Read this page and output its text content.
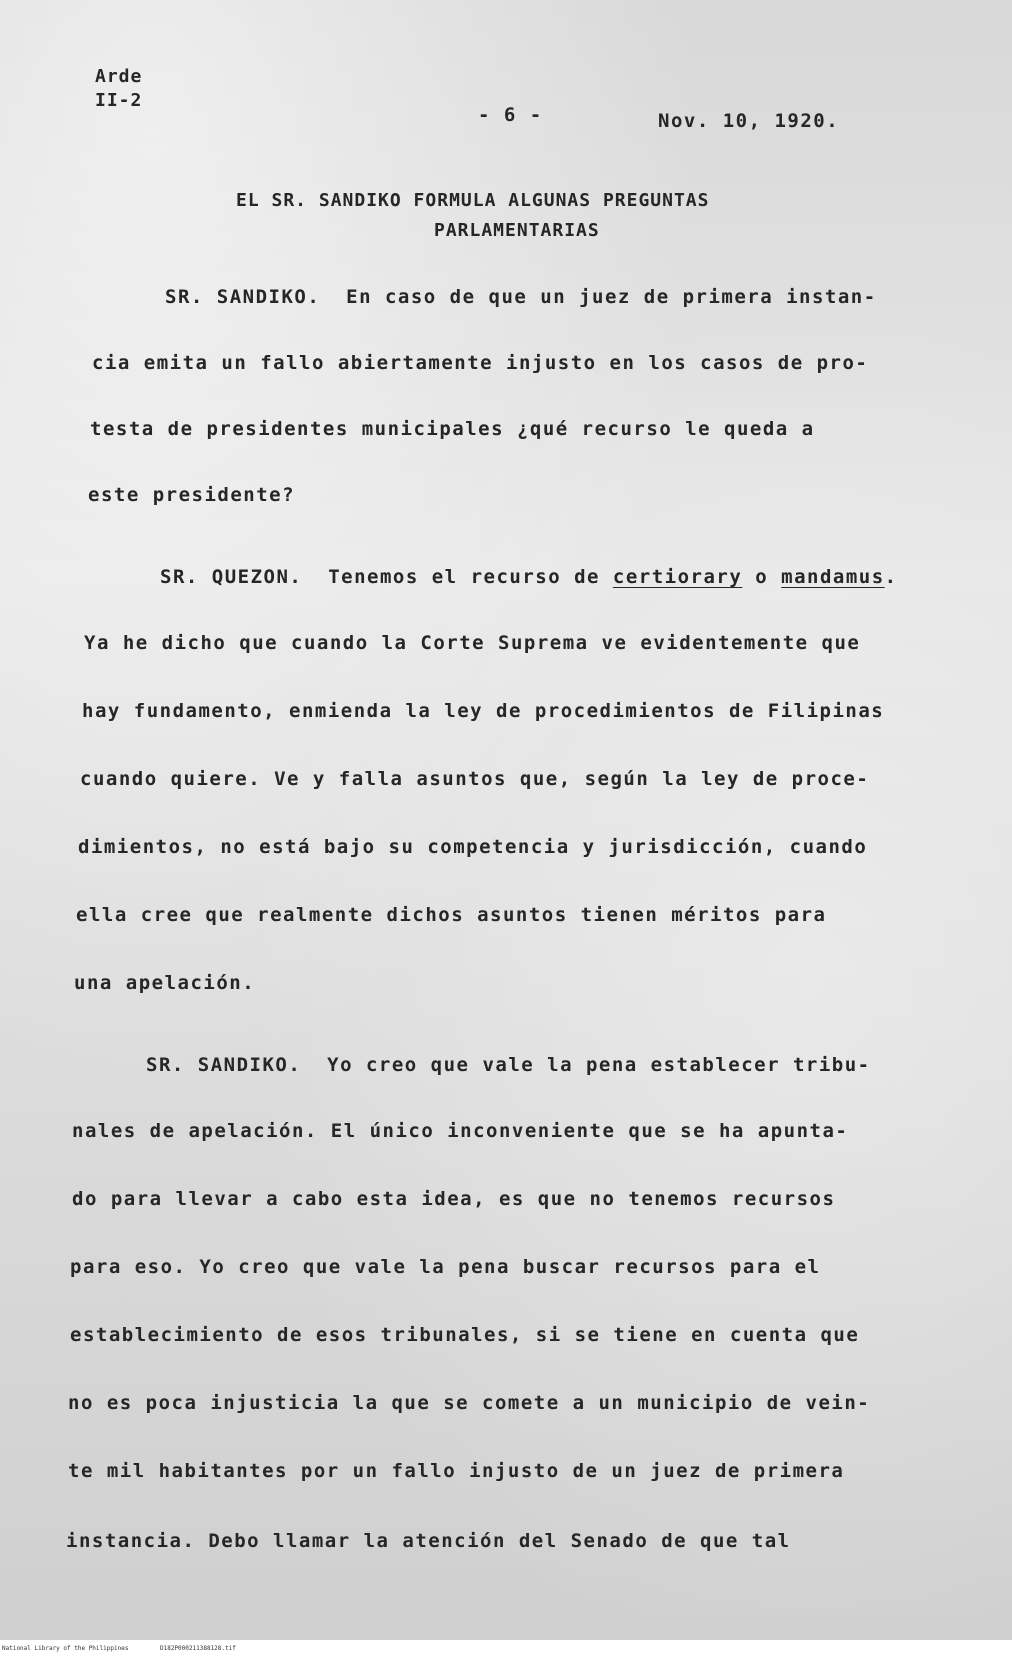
Arde

II-2

- 6 -	Nov. 10, 1920.

EL SR. SANDIKO FORMULA ALGUNAS PREGUNTAS

PARLAMENTARIAS

SR. SANDIKO. En caso de que un juez de primera instan-

cia emita un fallo abiertamente injusto en los casos de pro-

testa de presidentes municipales ¿qué recurso le queda a

este presidente?

SR. QUEZON. Tenemos el recurso de certiorary o mandamus.

Ya he dicho que cuando la Corte Suprema ve evidentemente que

hay fundamento, enmienda la ley de procedimientos de Filipinas

cuando quiere. Ve y falla asuntos que, según la ley de proce-

dimientos, no está bajo su competencia y jurisdicción, cuando

ella cree que realmente dichos asuntos tienen méritos para

una apelación.

SR. SANDIKO. Yo creo que vale la pena establecer tribu-

nales de apelación. El único inconveniente que se ha apunta-

do para llevar a cabo esta idea, es que no tenemos recursos

para eso. Yo creo que vale la pena buscar recursos para el

establecimiento de esos tribunales, si se tiene en cuenta que

no es poca injusticia la que se comete a un municipio de vein-

te mil habitantes por un fallo injusto de un juez de primera

instancia. Debo llamar la atención del Senado de que tal

National Library of the Philippines	D182P000211388128.tif
